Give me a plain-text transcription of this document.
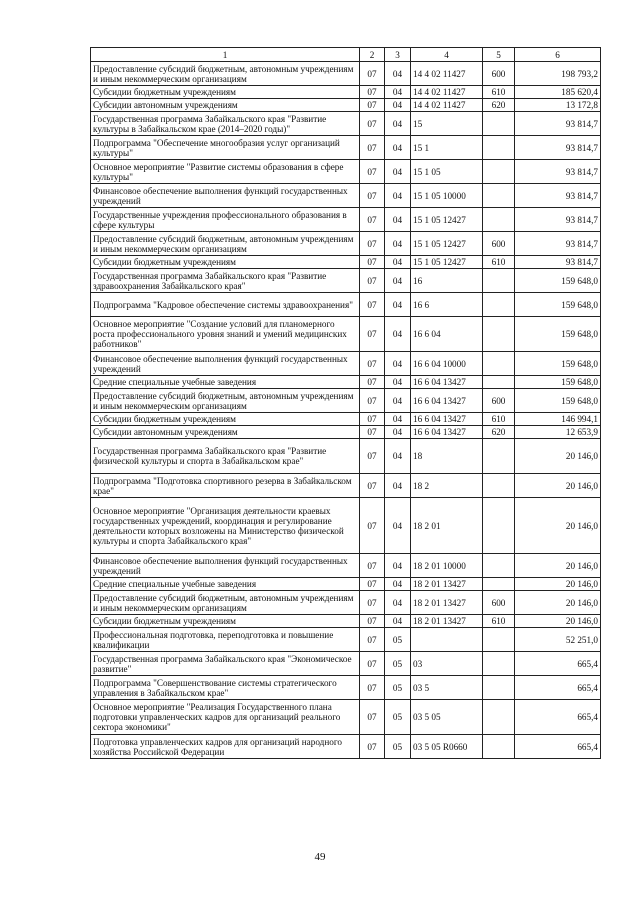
1	2	3	4	5	6
Предоставление субсидий бюджетным, автономным учреждениям и иным некоммерческим организациям	07	04	14 4 02 11427	600	198 793,2
Субсидии бюджетным учреждениям	07	04	14 4 02 11427	610	185 620,4
Субсидии автономным учреждениям	07	04	14 4 02 11427	620	13 172,8
Государственная программа Забайкальского края "Развитие культуры в Забайкальском крае (2014–2020 годы)"	07	04	15		93 814,7
Подпрограмма "Обеспечение многообразия услуг организаций культуры"	07	04	15 1		93 814,7
Основное мероприятие "Развитие системы образования в сфере культуры"	07	04	15 1 05		93 814,7
Финансовое обеспечение выполнения функций государственных учреждений	07	04	15 1 05 10000		93 814,7
Государственные учреждения профессионального образования в сфере культуры	07	04	15 1 05 12427		93 814,7
Предоставление субсидий бюджетным, автономным учреждениям и иным некоммерческим организациям	07	04	15 1 05 12427	600	93 814,7
Субсидии бюджетным учреждениям	07	04	15 1 05 12427	610	93 814,7
Государственная программа Забайкальского края "Развитие здравоохранения Забайкальского края"	07	04	16		159 648,0
Подпрограмма "Кадровое обеспечение системы здравоохранения"	07	04	16 6		159 648,0
Основное мероприятие "Создание условий для планомерного роста профессионального уровня знаний и умений медицинских работников"	07	04	16 6 04		159 648,0
Финансовое обеспечение выполнения функций государственных учреждений	07	04	16 6 04 10000		159 648,0
Средние специальные учебные заведения	07	04	16 6 04 13427		159 648,0
Предоставление субсидий бюджетным, автономным учреждениям и иным некоммерческим организациям	07	04	16 6 04 13427	600	159 648,0
Субсидии бюджетным учреждениям	07	04	16 6 04 13427	610	146 994,1
Субсидии автономным учреждениям	07	04	16 6 04 13427	620	12 653,9
Государственная программа Забайкальского края "Развитие физической культуры и спорта в Забайкальском крае"	07	04	18		20 146,0
Подпрограмма "Подготовка спортивного резерва в Забайкальском крае"	07	04	18 2		20 146,0
Основное мероприятие "Организация деятельности краевых государственных учреждений, координация и регулирование деятельности которых возложены на Министерство физической культуры и спорта Забайкальского края"	07	04	18 2 01		20 146,0
Финансовое обеспечение выполнения функций государственных учреждений	07	04	18 2 01 10000		20 146,0
Средние специальные учебные заведения	07	04	18 2 01 13427		20 146,0
Предоставление субсидий бюджетным, автономным учреждениям и иным некоммерческим организациям	07	04	18 2 01 13427	600	20 146,0
Субсидии бюджетным учреждениям	07	04	18 2 01 13427	610	20 146,0
Профессиональная подготовка, переподготовка и повышение квалификации	07	05			52 251,0
Государственная программа Забайкальского края "Экономическое развитие"	07	05	03		665,4
Подпрограмма "Совершенствование системы стратегического управления в Забайкальском крае"	07	05	03 5		665,4
Основное мероприятие "Реализация Государственного плана подготовки управленческих кадров для организаций реального сектора экономики"	07	05	03 5 05		665,4
Подготовка управленческих кадров для организаций народного хозяйства Российской Федерации	07	05	03 5 05 R0660		665,4
49
